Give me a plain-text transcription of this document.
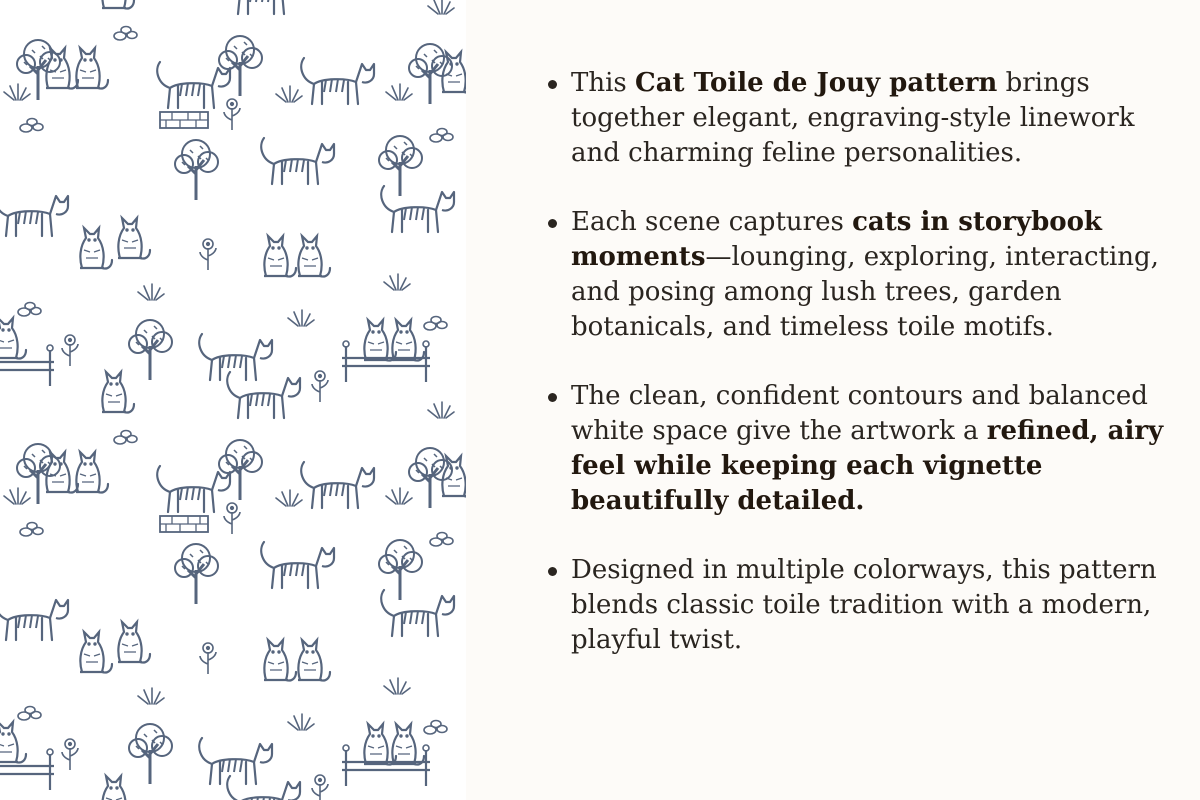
This Cat Toile de Jouy pattern brings together elegant, engraving-style linework and charming feline personalities.
Each scene captures cats in storybook moments—lounging, exploring, interacting, and posing among lush trees, garden botanicals, and timeless toile motifs.
The clean, confident contours and balanced white space give the artwork a refined, airy feel while keeping each vignette beautifully detailed.
Designed in multiple colorways, this pattern blends classic toile tradition with a modern, playful twist.
